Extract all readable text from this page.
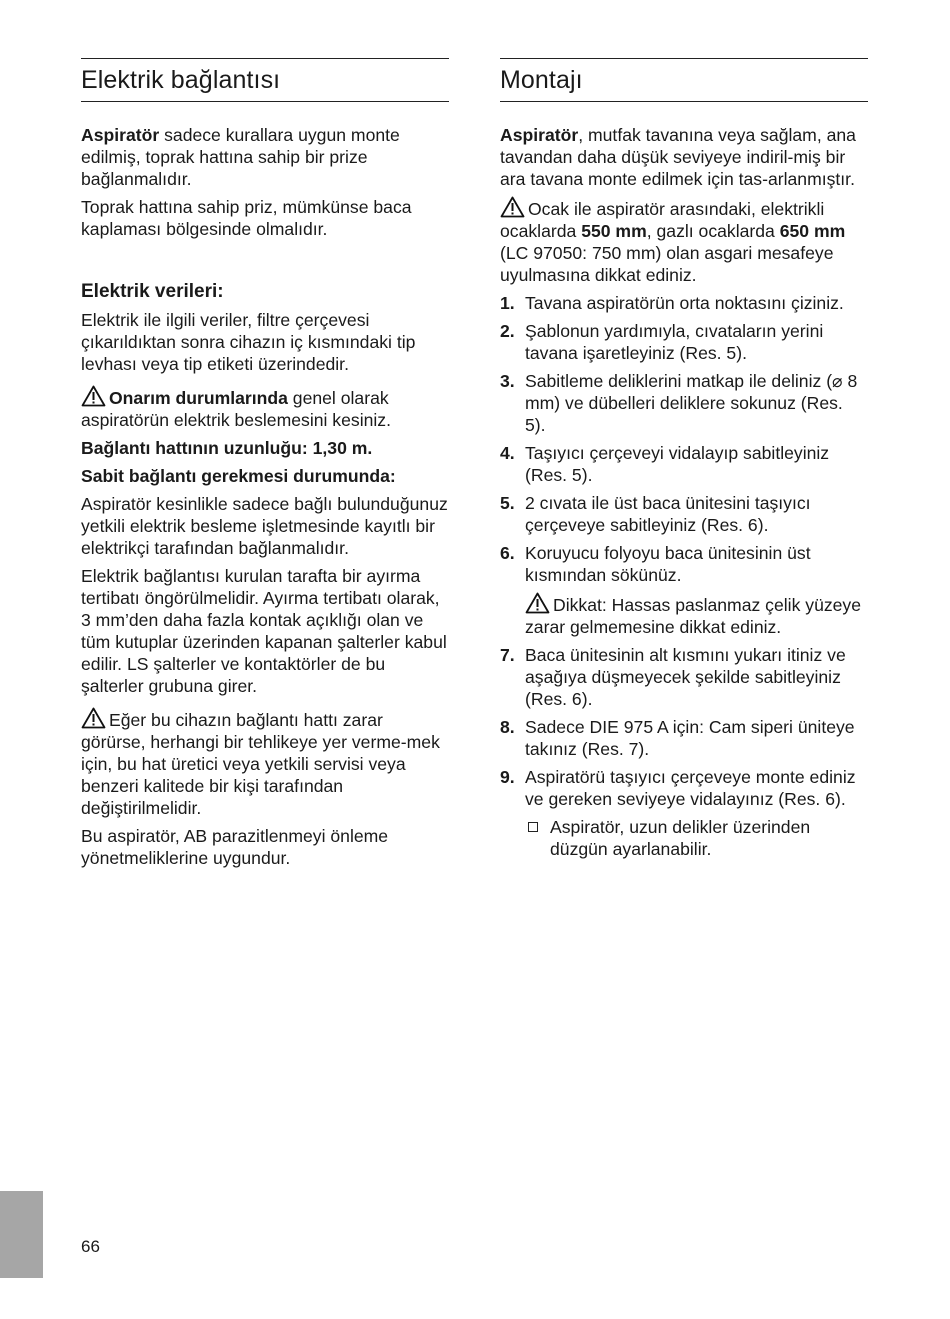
Elektrik bağlantısı

Aspiratör sadece kurallara uygun monte edilmiş, toprak hattına sahip bir prize bağlanmalıdır.

Toprak hattına sahip priz, mümkünse baca kaplaması bölgesinde olmalıdır.

Elektrik verileri:

Elektrik ile ilgili veriler, filtre çerçevesi çıkarıldıktan sonra cihazın iç kısmındaki tip levhası veya tip etiketi üzerindedir.

Onarım durumlarında genel olarak aspiratörün elektrik beslemesini kesiniz.

Bağlantı hattının uzunluğu: 1,30 m.

Sabit bağlantı gerekmesi durumunda:

Aspiratör kesinlikle sadece bağlı bulunduğunuz yetkili elektrik besleme işletmesinde kayıtlı bir elektrikçi tarafından bağlanmalıdır.

Elektrik bağlantısı kurulan tarafta bir ayırma tertibatı öngörülmelidir. Ayırma tertibatı olarak, 3 mm’den daha fazla kontak açıklığı olan ve tüm kutuplar üzerinden kapanan şalterler kabul edilir. LS şalterler ve kontaktörler de bu şalterler grubuna girer.

Eğer bu cihazın bağlantı hattı zarar görürse, herhangi bir tehlikeye yer verme-mek için, bu hat üretici veya yetkili servisi veya benzeri kalitede bir kişi tarafından değiştirilmelidir.

Bu aspiratör, AB parazitlenmeyi önleme yönetmeliklerine uygundur.

Montajı

Aspiratör, mutfak tavanına veya sağlam, ana tavandan daha düşük seviyeye indiril-miş bir ara tavana monte edilmek için tas-arlanmıştır.

Ocak ile aspiratör arasındaki, elektrikli ocaklarda 550 mm, gazlı ocaklarda 650 mm (LC 97050: 750 mm) olan asgari mesafeye uyulmasına dikkat ediniz.

1. Tavana aspiratörün orta noktasını çiziniz.
2. Şablonun yardımıyla, cıvataların yerini tavana işaretleyiniz (Res. 5).
3. Sabitleme deliklerini matkap ile deliniz (⌀ 8 mm) ve dübelleri deliklere sokunuz (Res. 5).
4. Taşıyıcı çerçeveyi vidalayıp sabitleyiniz (Res. 5).
5. 2 cıvata ile üst baca ünitesini taşıyıcı çerçeveye sabitleyiniz (Res. 6).
6. Koruyucu folyoyu baca ünitesinin üst kısmından sökünüz.
Dikkat: Hassas paslanmaz çelik yüzeye zarar gelmemesine dikkat ediniz.
7. Baca ünitesinin alt kısmını yukarı itiniz ve aşağıya düşmeyecek şekilde sabitleyiniz (Res. 6).
8. Sadece DIE 975 A için: Cam siperi üniteye takınız (Res. 7).
9. Aspiratörü taşıyıcı çerçeveye monte ediniz ve gereken seviyeye vidalayınız (Res. 6).
Aspiratör, uzun delikler üzerinden düzgün ayarlanabilir.
66
